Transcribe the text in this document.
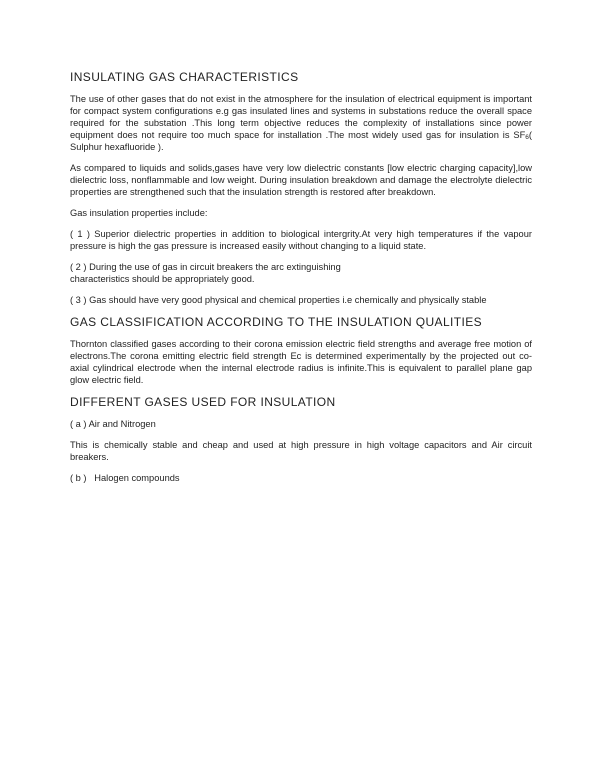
INSULATING GAS CHARACTERISTICS
The use of other gases that do not exist in the atmosphere for the insulation of electrical equipment is important for compact system configurations e.g gas insulated lines and systems in substations reduce the overall space required for the substation .This long term objective reduces the complexity of installations since power equipment does not require too much space for installation .The most widely used gas for insulation is $SF_6$( Sulphur hexafluoride ).
As compared to liquids and solids,gases have very low dielectric constants [low electric charging capacity],low dielectric loss, nonflammable and low weight. During insulation breakdown and damage the electrolyte dielectric properties are strengthened such that the insulation strength is restored after breakdown.
Gas insulation properties include:
( 1 ) Superior dielectric properties in addition to biological intergrity.At very high temperatures if the vapour pressure is high the gas pressure is increased easily without changing to a liquid state.
( 2 ) During the use of gas in circuit breakers the arc extinguishing characteristics should be appropriately good.
( 3 ) Gas should have very good physical and chemical properties i.e chemically and physically stable
GAS CLASSIFICATION ACCORDING TO THE INSULATION QUALITIES
Thornton classified gases according to their corona emission electric field strengths and average free motion of electrons.The corona emitting electric field strength Ec is determined experimentally by the projected out co-axial cylindrical electrode when the internal electrode radius is infinite.This is equivalent to parallel plane gap glow electric field.
DIFFERENT GASES USED FOR INSULATION
( a ) Air and Nitrogen
This is chemically stable and cheap and used at high pressure in high voltage capacitors and Air circuit breakers.
( b )   Halogen compounds
